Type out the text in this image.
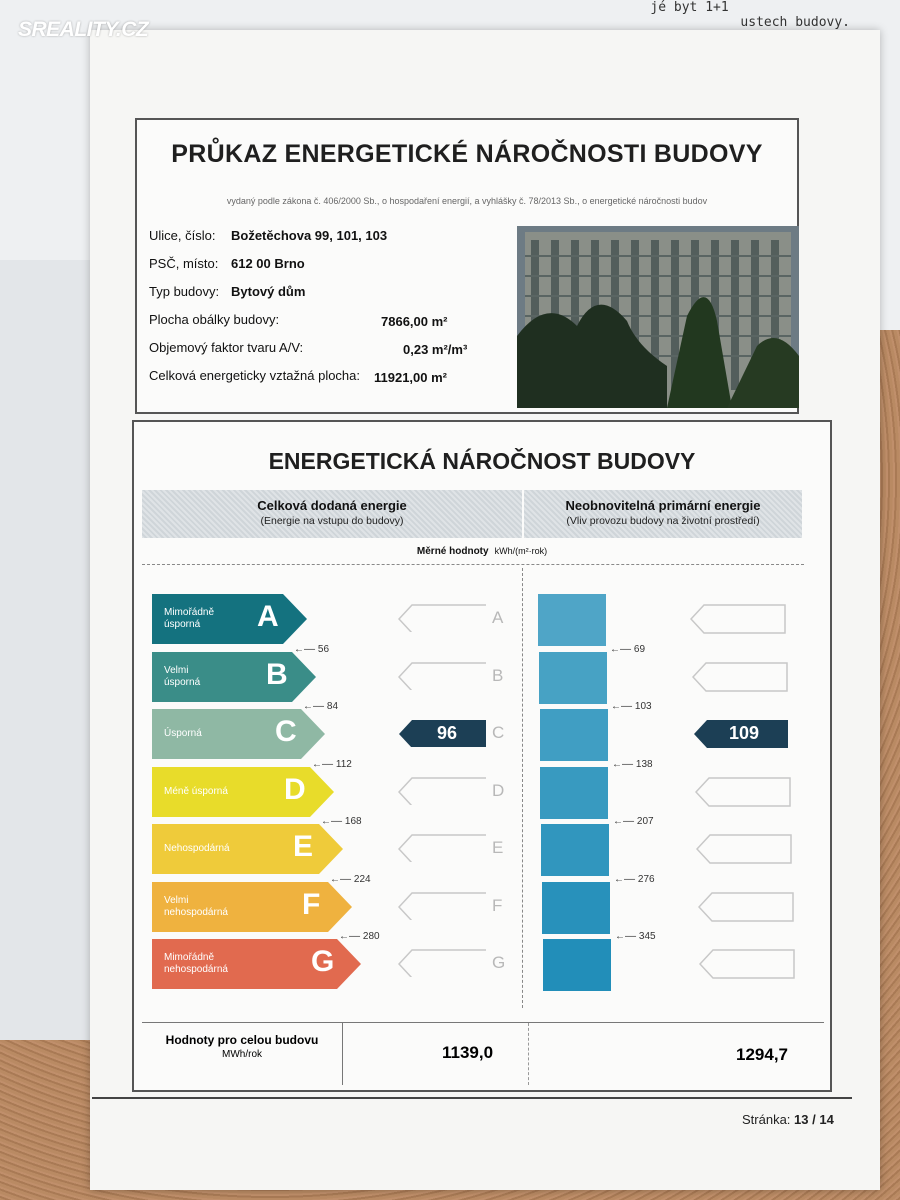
jé byt 1+1
ustech budovy.
SREALITY.CZ
PRŮKAZ ENERGETICKÉ NÁROČNOSTI BUDOVY
vydaný podle zákona č. 406/2000 Sb., o hospodaření energií, a vyhlášky č. 78/2013 Sb., o energetické náročnosti budov
Ulice, číslo: Božetěchova 99, 101, 103
PSČ, místo: 612 00 Brno
Typ budovy: Bytový dům
Plocha obálky budovy:	7866,00 m²
Objemový faktor tvaru A/V:	0,23 m²/m³
Celková energeticky vztažná plocha: 11921,00 m²
ENERGETICKÁ NÁROČNOST BUDOVY
Celková dodaná energie
(Energie na vstupu do budovy)
Neobnovitelná primární energie
(Vliv provozu budovy na životní prostředí)
Měrné hodnoty kWh/(m²·rok)
Mimořádně
úsporná	A	A
Velmi
úsporná B	B
Úsporná C	96	C	109
Méně úsporná D	D
Nehospodárná E	E
Velmi
nehospodárná F	F
Mimořádně
nehospodárná	G	G
←–– 56
←–– 84
←–– 112
←–– 168
←–– 224
←–– 280
←–– 69
←–– 103
←–– 138
←–– 207
←–– 276
←–– 345
Hodnoty pro celou budovu
MWh/rok	1139,0	1294,7
Stránka: 13 / 14
